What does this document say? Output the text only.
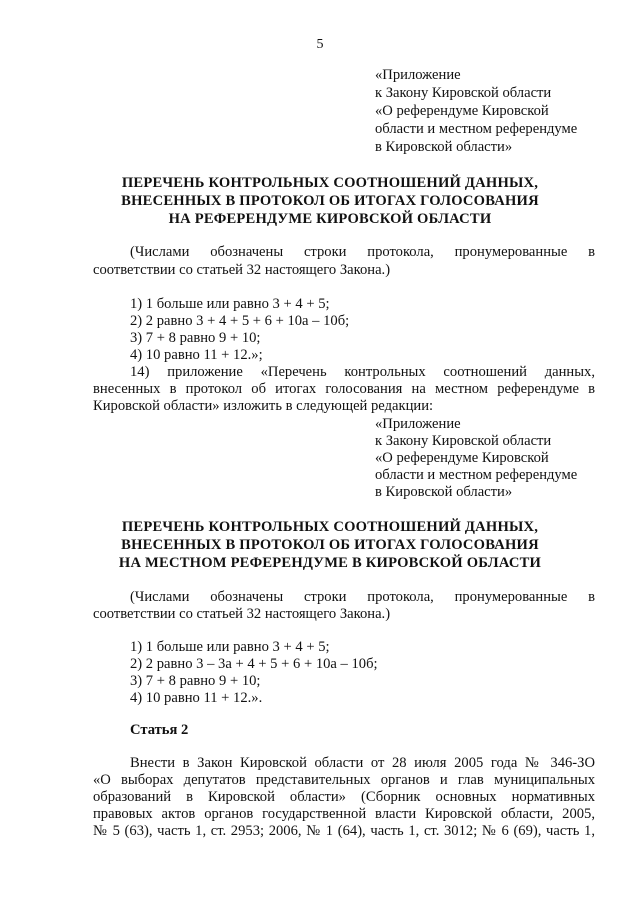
5
«Приложение
к Закону Кировской области
«О референдуме Кировской
области и местном референдуме
в Кировской области»
ПЕРЕЧЕНЬ КОНТРОЛЬНЫХ СООТНОШЕНИЙ ДАННЫХ,
ВНЕСЕННЫХ В ПРОТОКОЛ ОБ ИТОГАХ ГОЛОСОВАНИЯ
НА РЕФЕРЕНДУМЕ КИРОВСКОЙ ОБЛАСТИ
(Числами обозначены строки протокола, пронумерованные в
соответствии со статьей 32 настоящего Закона.)
1) 1 больше или равно 3 + 4 + 5;
2) 2 равно 3 + 4 + 5 + 6 + 10а – 10б;
3) 7 + 8 равно 9 + 10;
4) 10 равно 11 + 12.»;
14) приложение «Перечень контрольных соотношений данных,
внесенных в протокол об итогах голосования на местном референдуме в
Кировской области» изложить в следующей редакции:
«Приложение
к Закону Кировской области
«О референдуме Кировской
области и местном референдуме
в Кировской области»
ПЕРЕЧЕНЬ КОНТРОЛЬНЫХ СООТНОШЕНИЙ ДАННЫХ,
ВНЕСЕННЫХ В ПРОТОКОЛ ОБ ИТОГАХ ГОЛОСОВАНИЯ
НА МЕСТНОМ РЕФЕРЕНДУМЕ В КИРОВСКОЙ ОБЛАСТИ
(Числами обозначены строки протокола, пронумерованные в
соответствии со статьей 32 настоящего Закона.)
1) 1 больше или равно 3 + 4 + 5;
2) 2 равно 3 – 3а + 4 + 5 + 6 + 10а – 10б;
3) 7 + 8 равно 9 + 10;
4) 10 равно 11 + 12.».
Статья 2
Внести в Закон Кировской области от 28 июля 2005 года № 346-ЗО
«О выборах депутатов представительных органов и глав муниципальных
образований в Кировской области» (Сборник основных нормативных
правовых актов органов государственной власти Кировской области, 2005,
№ 5 (63), часть 1, ст. 2953; 2006, № 1 (64), часть 1, ст. 3012; № 6 (69), часть 1,
